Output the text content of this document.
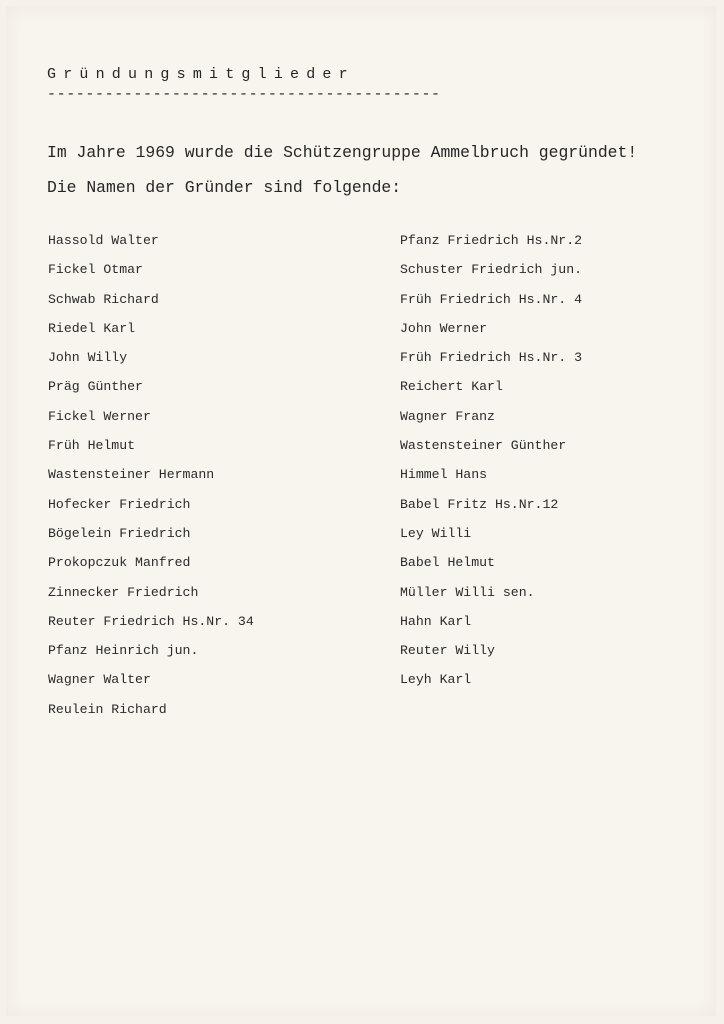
Gründungsmitglieder
-----------------------------------------
Im Jahre 1969 wurde die Schützengruppe Ammelbruch gegründet!
Die Namen der Gründer sind folgende:
Hassold Walter
Fickel Otmar
Schwab Richard
Riedel Karl
John Willy
Präg Günther
Fickel Werner
Früh Helmut
Wastensteiner Hermann
Hofecker Friedrich
Bögelein Friedrich
Prokopczuk Manfred
Zinnecker Friedrich
Reuter Friedrich Hs.Nr. 34
Pfanz Heinrich jun.
Wagner Walter
Reulein Richard
Pfanz Friedrich Hs.Nr.2
Schuster Friedrich jun.
Früh Friedrich Hs.Nr. 4
John Werner
Früh Friedrich Hs.Nr. 3
Reichert Karl
Wagner Franz
Wastensteiner Günther
Himmel Hans
Babel Fritz Hs.Nr.12
Ley Willi
Babel Helmut
Müller Willi sen.
Hahn Karl
Reuter Willy
Leyh Karl
